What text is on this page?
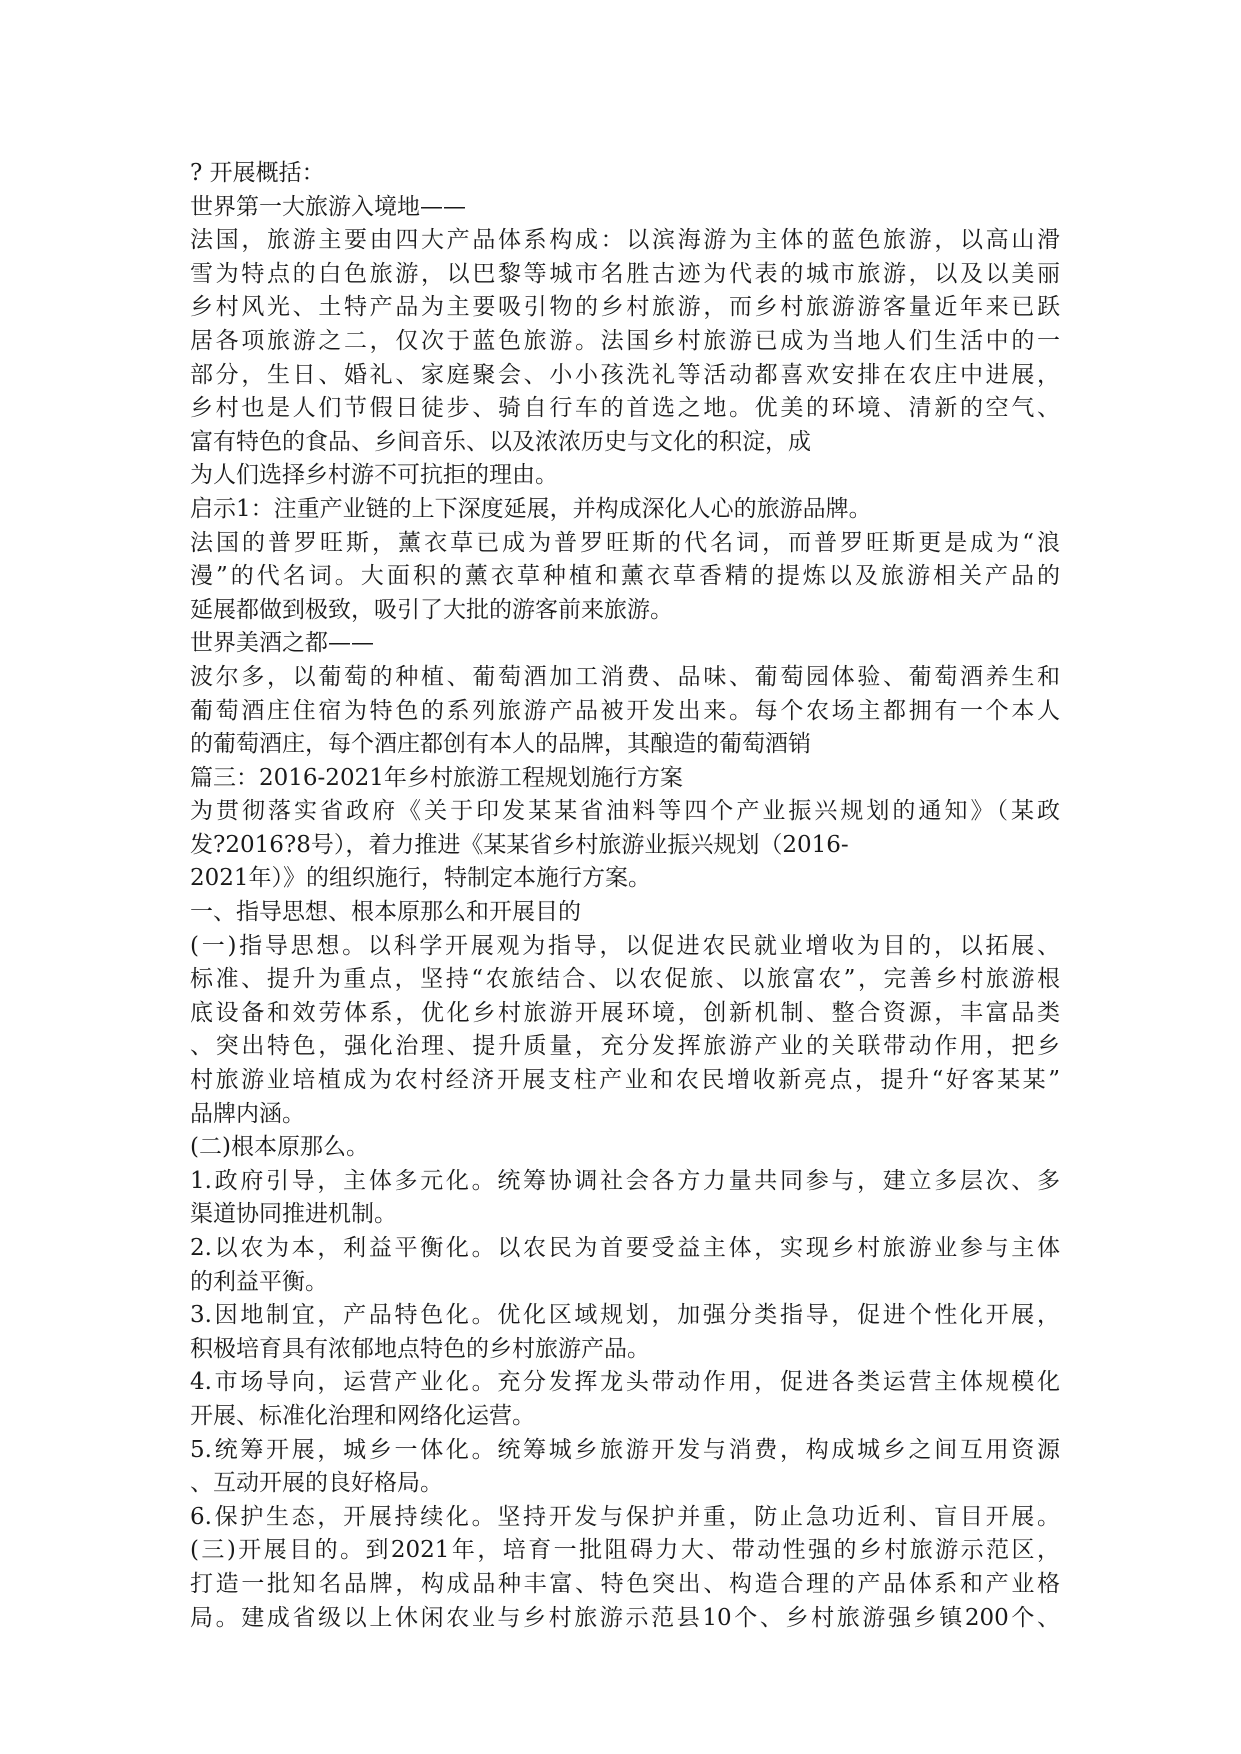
? 开展概括：
世界第一大旅游入境地——
法国，旅游主要由四大产品体系构成：以滨海游为主体的蓝色旅游，以高山滑
雪为特点的白色旅游，以巴黎等城市名胜古迹为代表的城市旅游，以及以美丽
乡村风光、土特产品为主要吸引物的乡村旅游，而乡村旅游游客量近年来已跃
居各项旅游之二，仅次于蓝色旅游。法国乡村旅游已成为当地人们生活中的一
部分，生日、婚礼、家庭聚会、小小孩洗礼等活动都喜欢安排在农庄中进展，
乡村也是人们节假日徒步、骑自行车的首选之地。优美的环境、清新的空气、
富有特色的食品、乡间音乐、以及浓浓历史与文化的积淀，成
为人们选择乡村游不可抗拒的理由。
启示1：注重产业链的上下深度延展，并构成深化人心的旅游品牌。
法国的普罗旺斯，薰衣草已成为普罗旺斯的代名词，而普罗旺斯更是成为“浪
漫”的代名词。大面积的薰衣草种植和薰衣草香精的提炼以及旅游相关产品的
延展都做到极致，吸引了大批的游客前来旅游。
世界美酒之都——
波尔多，以葡萄的种植、葡萄酒加工消费、品味、葡萄园体验、葡萄酒养生和
葡萄酒庄住宿为特色的系列旅游产品被开发出来。每个农场主都拥有一个本人
的葡萄酒庄，每个酒庄都创有本人的品牌，其酿造的葡萄酒销
篇三：2016-2021年乡村旅游工程规划施行方案
为贯彻落实省政府《关于印发某某省油料等四个产业振兴规划的通知》（某政
发?2016?8号），着力推进《某某省乡村旅游业振兴规划（2016-
2021年）》的组织施行，特制定本施行方案。
一、指导思想、根本原那么和开展目的
(一)指导思想。以科学开展观为指导，以促进农民就业增收为目的，以拓展、
标准、提升为重点，坚持“农旅结合、以农促旅、以旅富农”，完善乡村旅游根
底设备和效劳体系，优化乡村旅游开展环境，创新机制、整合资源，丰富品类
、突出特色，强化治理、提升质量，充分发挥旅游产业的关联带动作用，把乡
村旅游业培植成为农村经济开展支柱产业和农民增收新亮点，提升“好客某某”
品牌内涵。
(二)根本原那么。
1.政府引导，主体多元化。统筹协调社会各方力量共同参与，建立多层次、多
渠道协同推进机制。
2.以农为本，利益平衡化。以农民为首要受益主体，实现乡村旅游业参与主体
的利益平衡。
3.因地制宜，产品特色化。优化区域规划，加强分类指导，促进个性化开展，
积极培育具有浓郁地点特色的乡村旅游产品。
4.市场导向，运营产业化。充分发挥龙头带动作用，促进各类运营主体规模化
开展、标准化治理和网络化运营。
5.统筹开展，城乡一体化。统筹城乡旅游开发与消费，构成城乡之间互用资源
、互动开展的良好格局。
6.保护生态，开展持续化。坚持开发与保护并重，防止急功近利、盲目开展。
(三)开展目的。到2021年，培育一批阻碍力大、带动性强的乡村旅游示范区，
打造一批知名品牌，构成品种丰富、特色突出、构造合理的产品体系和产业格
局。建成省级以上休闲农业与乡村旅游示范县10个、乡村旅游强乡镇200个、
